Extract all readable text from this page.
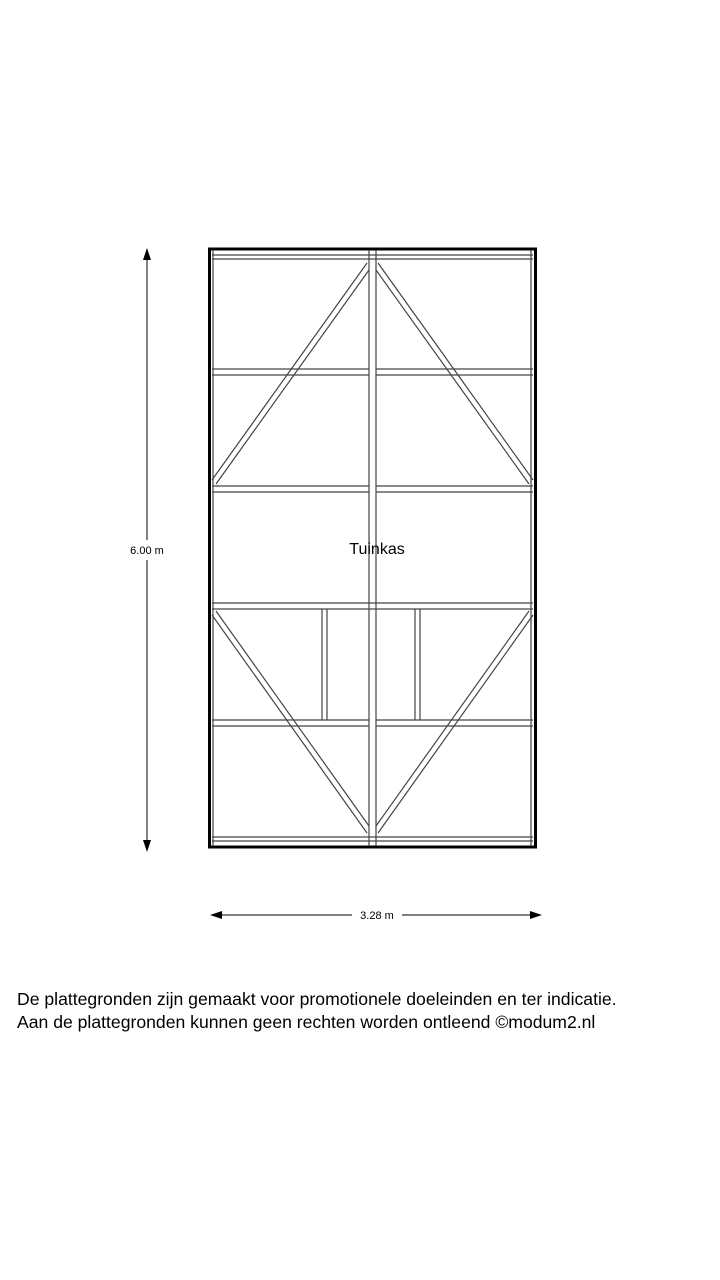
Tuinkas
6.00 m
3.28 m
De plattegronden zijn gemaakt voor promotionele doeleinden en ter indicatie.
Aan de plattegronden kunnen geen rechten worden ontleend ©modum2.nl
